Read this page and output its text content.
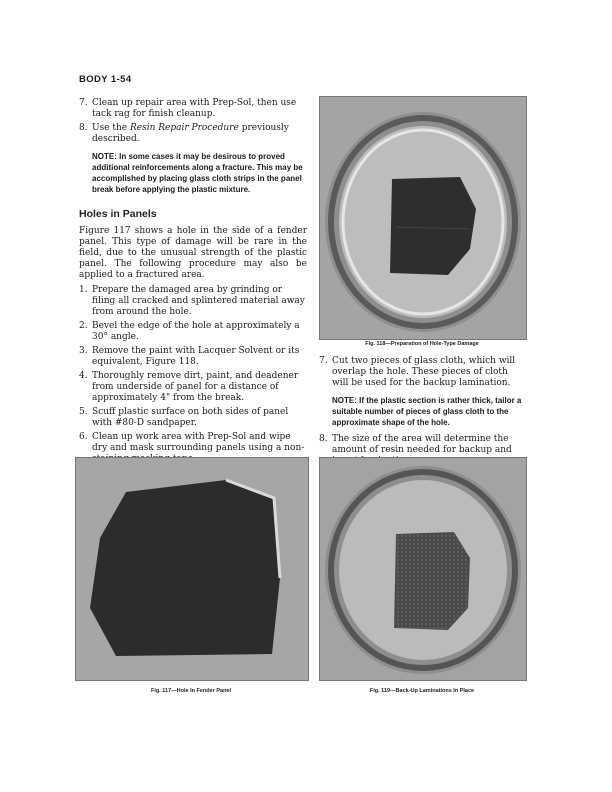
BODY 1-54
7. Clean up repair area with Prep-Sol, then use tack rag for finish cleanup.
8. Use the Resin Repair Procedure previously described.
NOTE: In some cases it may be desirous to proved additional reinforcements along a fracture. This may be accomplished by placing glass cloth strips in the panel break before applying the plastic mixture.
Holes in Panels
Figure 117 shows a hole in the side of a fender panel. This type of damage will be rare in the field, due to the unusual strength of the plastic panel. The following procedure may also be applied to a fractured area.
1. Prepare the damaged area by grinding or filing all cracked and splintered material away from around the hole.
2. Bevel the edge of the hole at approximately a 30° angle.
3. Remove the paint with Lacquer Solvent or its equivalent, Figure 118.
4. Thoroughly remove dirt, paint, and deadener from underside of panel for a distance of approximately 4" from the break.
5. Scuff plastic surface on both sides of panel with #80-D sandpaper.
6. Clean up work area with Prep-Sol and wipe dry and mask surrounding panels using a non-
Fig. 118—Preparation of Hole-Type Damage
7. Cut two pieces of glass cloth, which will overlap the hole. These pieces of cloth will be used for the backup lamination.
NOTE: If the plastic section is rather thick, tailor a suitable number of pieces of glass cloth to the approximate shape of the hole.
8. The size of the area will determine the amount of resin needed for backup and
Fig. 117—Hole In Fender Panel	Fig. 119—Back-Up Laminations In Place
